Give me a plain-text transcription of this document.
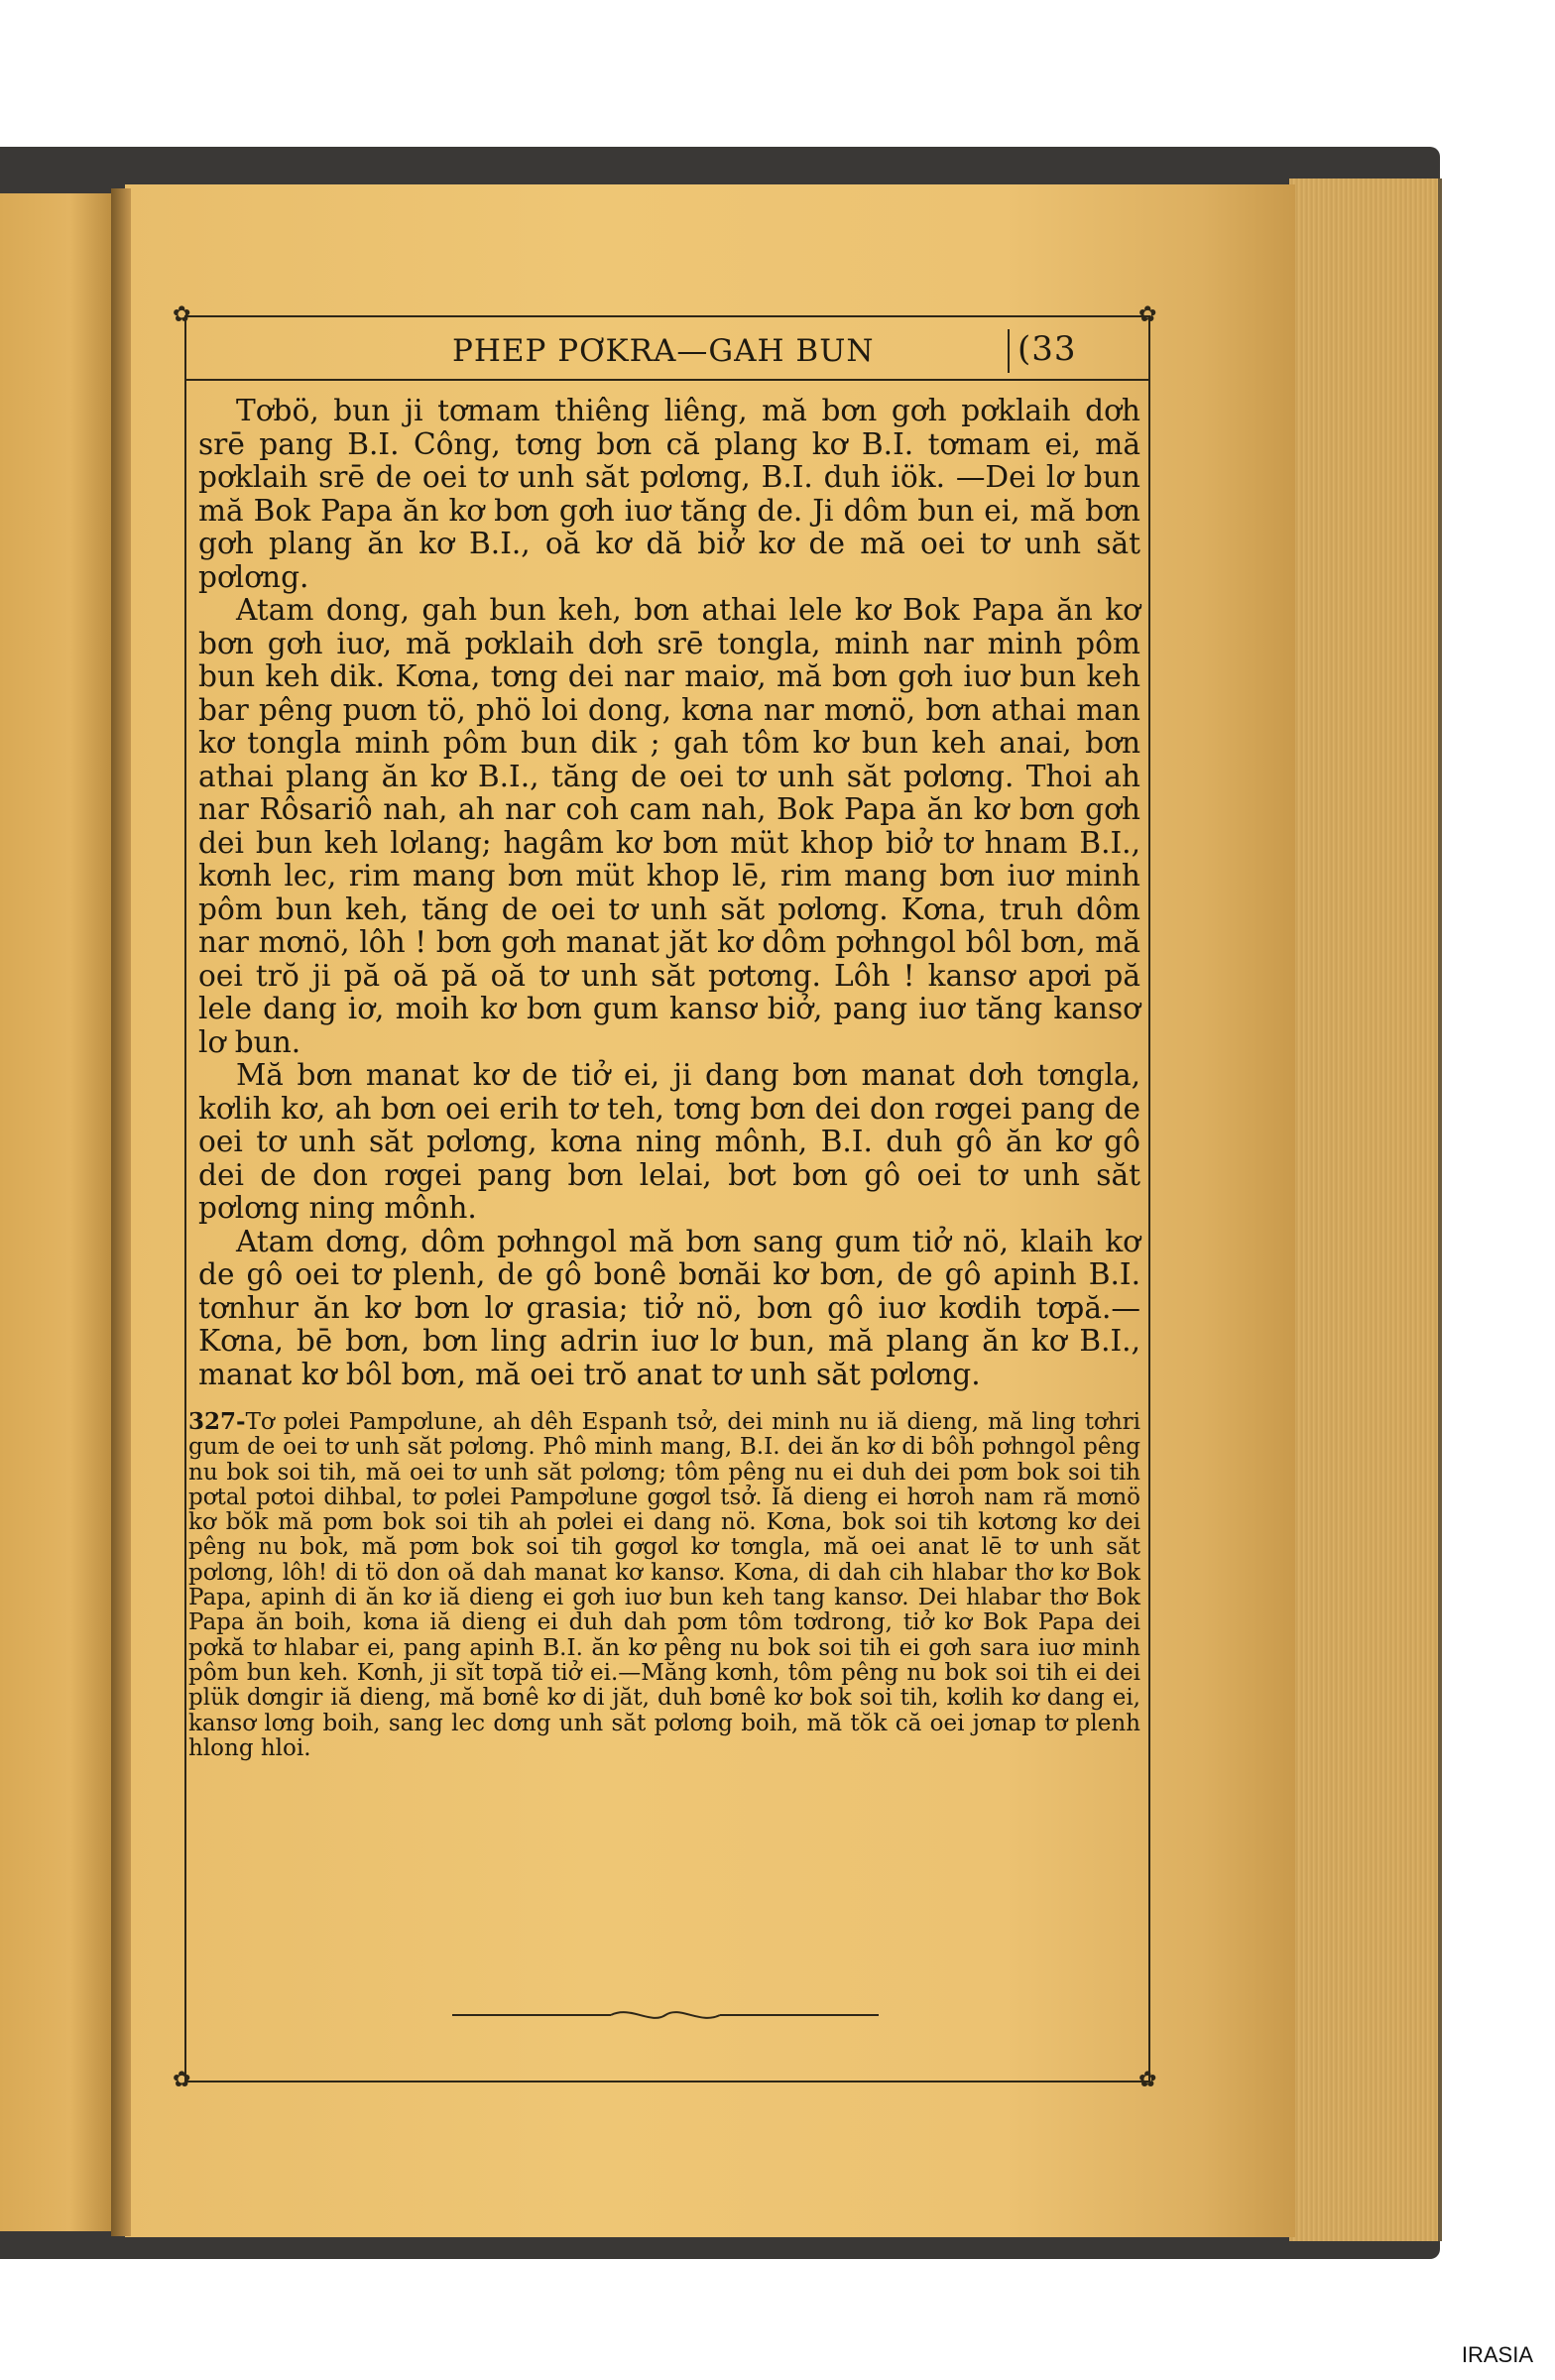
✿	✿
PHEP PƠKRA—GAH BUN	(33

Tơbö, bun ji tơmam thiêng liêng, mă bơn gơh pơklaih dơh srē pang B.I. Công, tơng bơn că plang kơ B.I. tơmam ei, mă pơklaih srē de oei tơ unh săt pơlơng, B.I. duh iök. —Dei lơ bun mă Bok Papa ăn kơ bơn gơh iuơ tăng de. Ji dôm bun ei, mă bơn gơh plang ăn kơ B.I., oă kơ dă biở kơ de mă oei tơ unh săt pơlơng.

Atam dong, gah bun keh, bơn athai lele kơ Bok Papa ăn kơ bơn gơh iuơ, mă pơklaih dơh srē tongla, minh nar minh pôm bun keh dik. Kơna, tơng dei nar maiơ, mă bơn gơh iuơ bun keh bar pêng puơn tö, phö loi dong, kơna nar mơnö, bơn athai man kơ tongla minh pôm bun dik ; gah tôm kơ bun keh anai, bơn athai plang ăn kơ B.I., tăng de oei tơ unh săt pơlơng. Thoi ah nar Rôsariô nah, ah nar coh cam nah, Bok Papa ăn kơ bơn gơh dei bun keh lơlang; hagâm kơ bơn müt khop biở tơ hnam B.I., kơnh lec, rim mang bơn müt khop lē, rim mang bơn iuơ minh pôm bun keh, tăng de oei tơ unh săt pơlơng. Kơna, truh dôm nar mơnö, lôh ! bơn gơh manat jăt kơ dôm pơhngol bôl bơn, mă oei trŏ ji pă oă pă oă tơ unh săt pơtơng. Lôh ! kansơ apơi pă lele dang iơ, moih kơ bơn gum kansơ biở, pang iuơ tăng kansơ lơ bun.

Mă bơn manat kơ de tiở ei, ji dang bơn manat dơh tơngla, kơlih kơ, ah bơn oei erih tơ teh, tơng bơn dei don rơgei pang de oei tơ unh săt pơlơng, kơna ning mônh, B.I. duh gô ăn kơ gô dei de don rơgei pang bơn lelai, bơt bơn gô oei tơ unh săt pơlơng ning mônh.

Atam dơng, dôm pơhngol mă bơn sang gum tiở nö, klaih kơ de gô oei tơ plenh, de gô bonê bơnăi kơ bơn, de gô apinh B.I. tơnhur ăn kơ bơn lơ grasia; tiở nö, bơn gô iuơ kơdih tơpă.—Kơna, bē bơn, bơn ling adrin iuơ lơ bun, mă plang ăn kơ B.I., manat kơ bôl bơn, mă oei trŏ anat tơ unh săt pơlơng.

327-Tơ pơlei Pampơlune, ah dêh Espanh tsở, dei minh nu iă dieng, mă ling tơhri gum de oei tơ unh săt pơlơng. Phô minh mang, B.I. dei ăn kơ di bôh pơhngol pêng nu bok soi tih, mă oei tơ unh săt pơlơng; tôm pêng nu ei duh dei pơm bok soi tih pơtal pơtoi dihbal, tơ pơlei Pampơlune gơgơl tsở. Iă dieng ei hơroh nam ră mơnö kơ bŏk mă pơm bok soi tih ah pơlei ei dang nö. Kơna, bok soi tih kơtơng kơ dei pêng nu bok, mă pơm bok soi tih gơgơl kơ tơngla, mă oei anat lē tơ unh săt pơlơng, lôh! di tö don oă dah manat kơ kansơ. Kơna, di dah cih hlabar thơ kơ Bok Papa, apinh di ăn kơ iă dieng ei gơh iuơ bun keh tang kansơ. Dei hlabar thơ Bok Papa ăn boih, kơna iă dieng ei duh dah pơm tôm tơdrong, tiở kơ Bok Papa dei pơkă tơ hlabar ei, pang apinh B.I. ăn kơ pêng nu bok soi tih ei gơh sara iuơ minh pôm bun keh. Kơnh, ji sĭt tơpă tiở ei.—Măng kơnh, tôm pêng nu bok soi tih ei dei plük dơngir iă dieng, mă bơnê kơ di jăt, duh bơnê kơ bok soi tih, kơlih kơ dang ei, kansơ lơng boih, sang lec dơng unh săt pơlơng boih, mă tŏk că oei jơnap tơ plenh hlong hloi.

✿	✿
IRASIA
